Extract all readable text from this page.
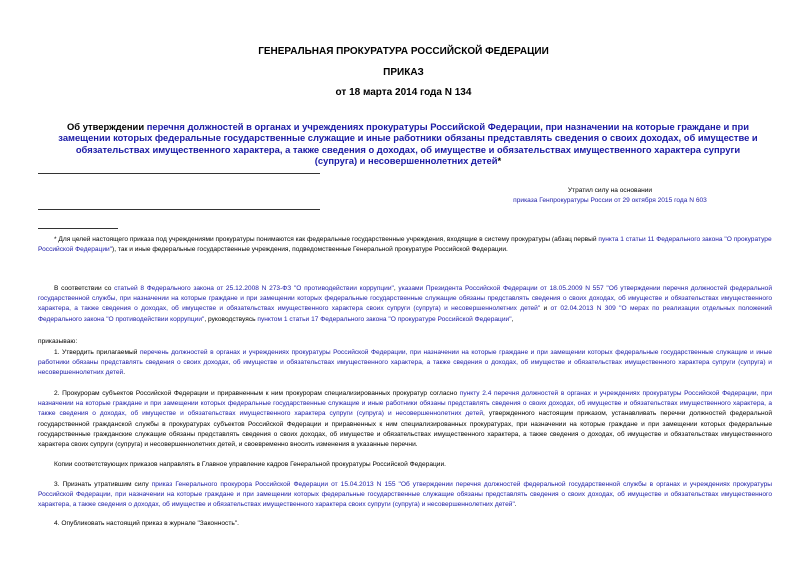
ГЕНЕРАЛЬНАЯ ПРОКУРАТУРА РОССИЙСКОЙ ФЕДЕРАЦИИ
ПРИКАЗ
от 18 марта 2014 года N 134
Об утверждении перечня должностей в органах и учреждениях прокуратуры Российской Федерации, при назначении на которые граждане и при замещении которых федеральные государственные служащие и иные работники обязаны представлять сведения о своих доходах, об имуществе и обязательствах имущественного характера, а также сведения о доходах, об имуществе и обязательствах имущественного характера супруги (супруга) и несовершеннолетних детей*
Утратил силу на основании
приказа Генпрокуратуры России от 29 октября 2015 года N 603
* Для целей настоящего приказа под учреждениями прокуратуры понимаются как федеральные государственные учреждения, входящие в систему прокуратуры (абзац первый пункта 1 статьи 11 Федерального закона "О прокуратуре Российской Федерации"), так и иные федеральные государственные учреждения, подведомственные Генеральной прокуратуре Российской Федерации.
В соответствии со статьей 8 Федерального закона от 25.12.2008 N 273-ФЗ "О противодействии коррупции", указами Президента Российской Федерации от 18.05.2009 N 557 "Об утверждении перечня должностей федеральной государственной службы, при назначении на которые граждане и при замещении которых федеральные государственные служащие обязаны представлять сведения о своих доходах, об имуществе и обязательствах имущественного характера, а также сведения о доходах, об имуществе и обязательствах имущественного характера своих супруги (супруга) и несовершеннолетних детей" и от 02.04.2013 N 309 "О мерах по реализации отдельных положений Федерального закона "О противодействии коррупции", руководствуясь пунктом 1 статьи 17 Федерального закона "О прокуратуре Российской Федерации",
приказываю:
1. Утвердить прилагаемый перечень должностей в органах и учреждениях прокуратуры Российской Федерации, при назначении на которые граждане и при замещении которых федеральные государственные служащие и иные работники обязаны представлять сведения о своих доходах, об имуществе и обязательствах имущественного характера, а также сведения о доходах, об имуществе и обязательствах имущественного характера супруги (супруга) и несовершеннолетних детей.
2. Прокурорам субъектов Российской Федерации и приравненным к ним прокурорам специализированных прокуратур согласно пункту 2.4 перечня должностей в органах и учреждениях прокуратуры Российской Федерации, при назначении на которые граждане и при замещении которых федеральные государственные служащие и иные работники обязаны представлять сведения о своих доходах, об имуществе и обязательствах имущественного характера, а также сведения о доходах, об имуществе и обязательствах имущественного характера супруги (супруга) и несовершеннолетних детей, утвержденного настоящим приказом, устанавливать перечни должностей федеральной государственной гражданской службы в прокуратурах субъектов Российской Федерации и приравненных к ним специализированных прокуратурах, при назначении на которые граждане и при замещении которых федеральные государственные гражданские служащие обязаны представлять сведения о своих доходах, об имуществе и обязательствах имущественного характера, а также сведения о доходах, об имуществе и обязательствах имущественного характера своих супруги (супруга) и несовершеннолетних детей, и своевременно вносить изменения в указанные перечни.
Копии соответствующих приказов направлять в Главное управление кадров Генеральной прокуратуры Российской Федерации.
3. Признать утратившим силу приказ Генерального прокурора Российской Федерации от 15.04.2013 N 155 "Об утверждении перечня должностей федеральной государственной службы в органах и учреждениях прокуратуры Российской Федерации, при назначении на которые граждане и при замещении которых федеральные государственные служащие обязаны представлять сведения о своих доходах, об имуществе и обязательствах имущественного характера, а также сведения о доходах, об имуществе и обязательствах имущественного характера своих супруги (супруга) и несовершеннолетних детей".
4. Опубликовать настоящий приказ в журнале "Законность".
